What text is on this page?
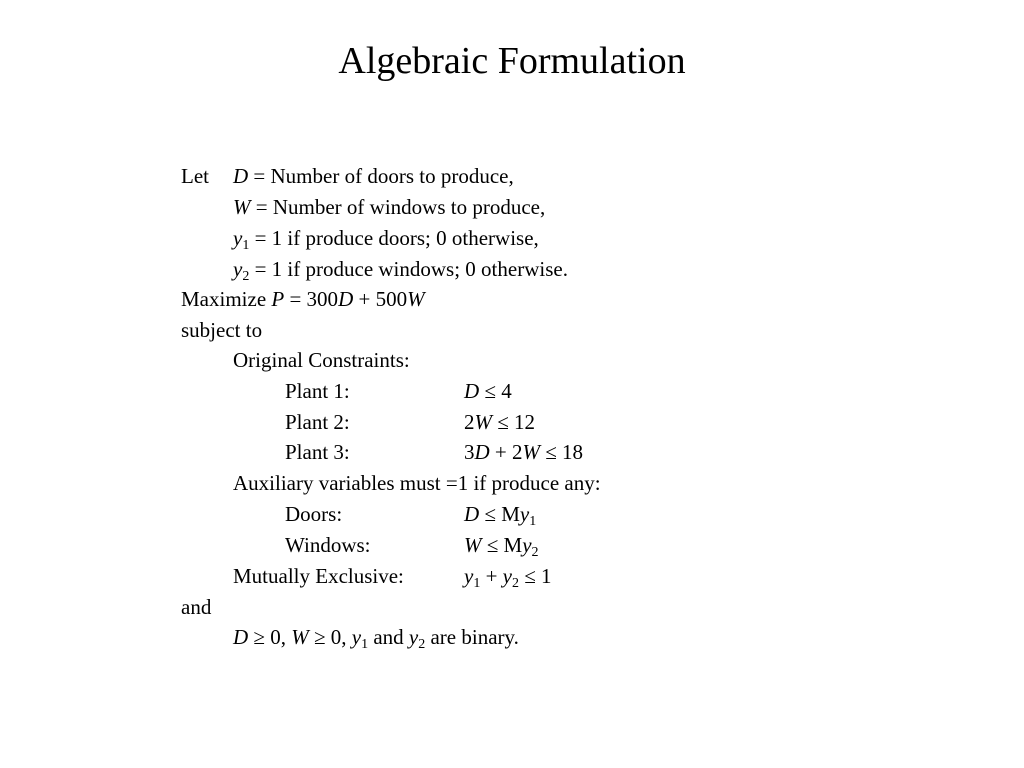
Algebraic Formulation
Let D = Number of doors to produce,
W = Number of windows to produce,
$y_1 = 1$ if produce doors; 0 otherwise,
$y_2 = 1$ if produce windows; 0 otherwise.
Maximize P = 300D + 500W
subject to
Original Constraints:
Plant 1:	D ≤ 4
Plant 2:	2W ≤ 12
Plant 3:	3D + 2W ≤ 18
Auxiliary variables must =1 if produce any:
Doors:	$D \le My_1$
Windows:	$W \le My_2$
Mutually Exclusive:	$y_1 + y_2 \le 1$
and
D ≥ 0, W ≥ 0, $y_1$ and $y_2$ are binary.
